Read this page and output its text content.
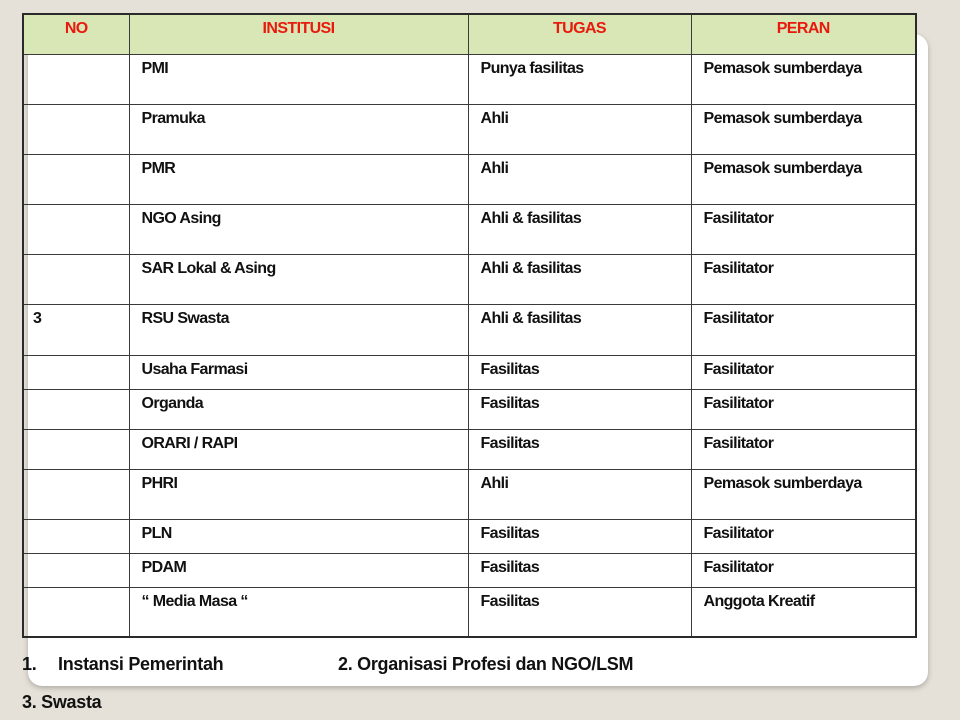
NO	INSTITUSI	TUGAS	PERAN
	PMI	Punya fasilitas	Pemasok sumberdaya
	Pramuka	Ahli	Pemasok sumberdaya
	PMR	Ahli	Pemasok sumberdaya
	NGO Asing	Ahli & fasilitas	Fasilitator
	SAR Lokal & Asing	Ahli & fasilitas	Fasilitator
3	RSU Swasta	Ahli & fasilitas	Fasilitator
	Usaha Farmasi	Fasilitas	Fasilitator
	Organda	Fasilitas	Fasilitator
	ORARI / RAPI	Fasilitas	Fasilitator
	PHRI	Ahli	Pemasok sumberdaya
	PLN	Fasilitas	Fasilitator
	PDAM	Fasilitas	Fasilitator
	“ Media Masa “	Fasilitas	Anggota Kreatif
1. Instansi Pemerintah	2. Organisasi Profesi dan NGO/LSM
3. Swasta
